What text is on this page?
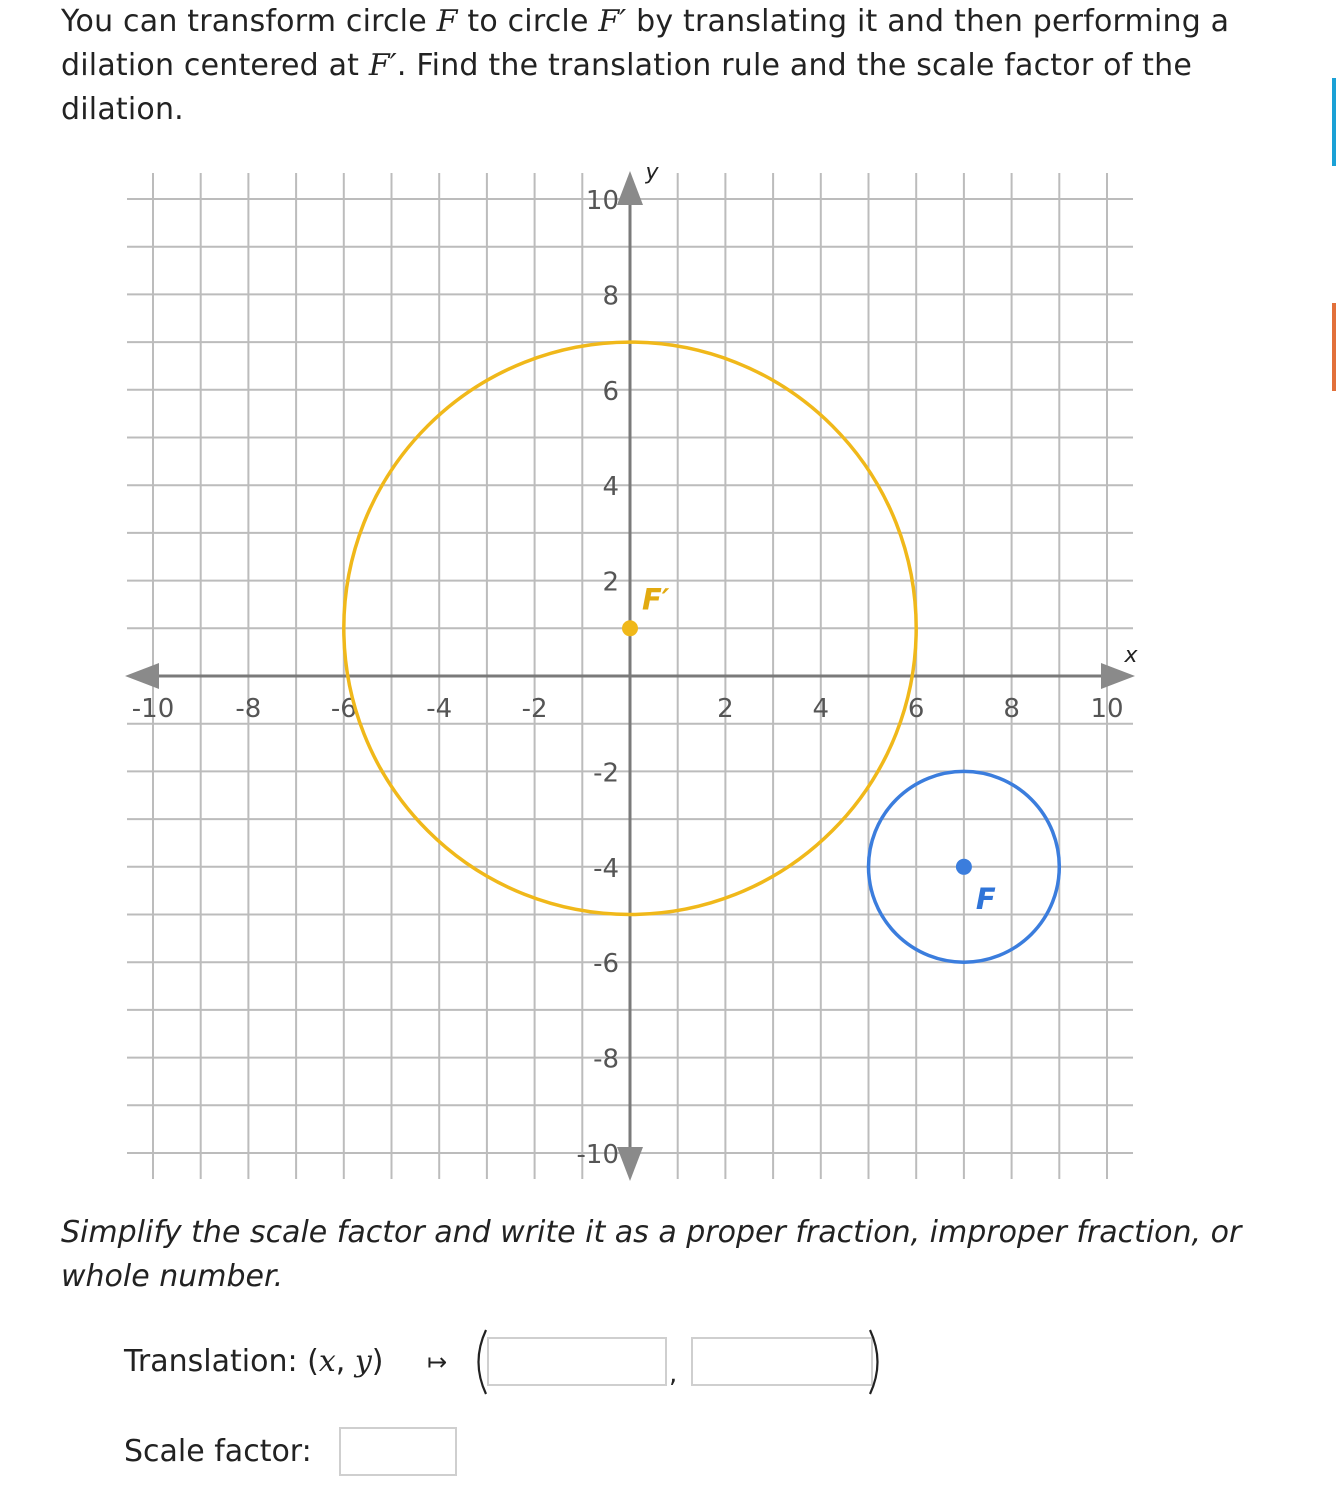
You can transform circle F to circle F′ by translating it and then performing a dilation centered at F′. Find the translation rule and the scale factor of the dilation.
x
y
-10 -8	-6	-4	-2	2	4	6	8	10
10
8
6
4
2
-2
-4
-6
-8
-10
F′
F
Simplify the scale factor and write it as a proper fraction, improper fraction, or whole number.
Translation: (x, y) ↦	,
Scale factor:
